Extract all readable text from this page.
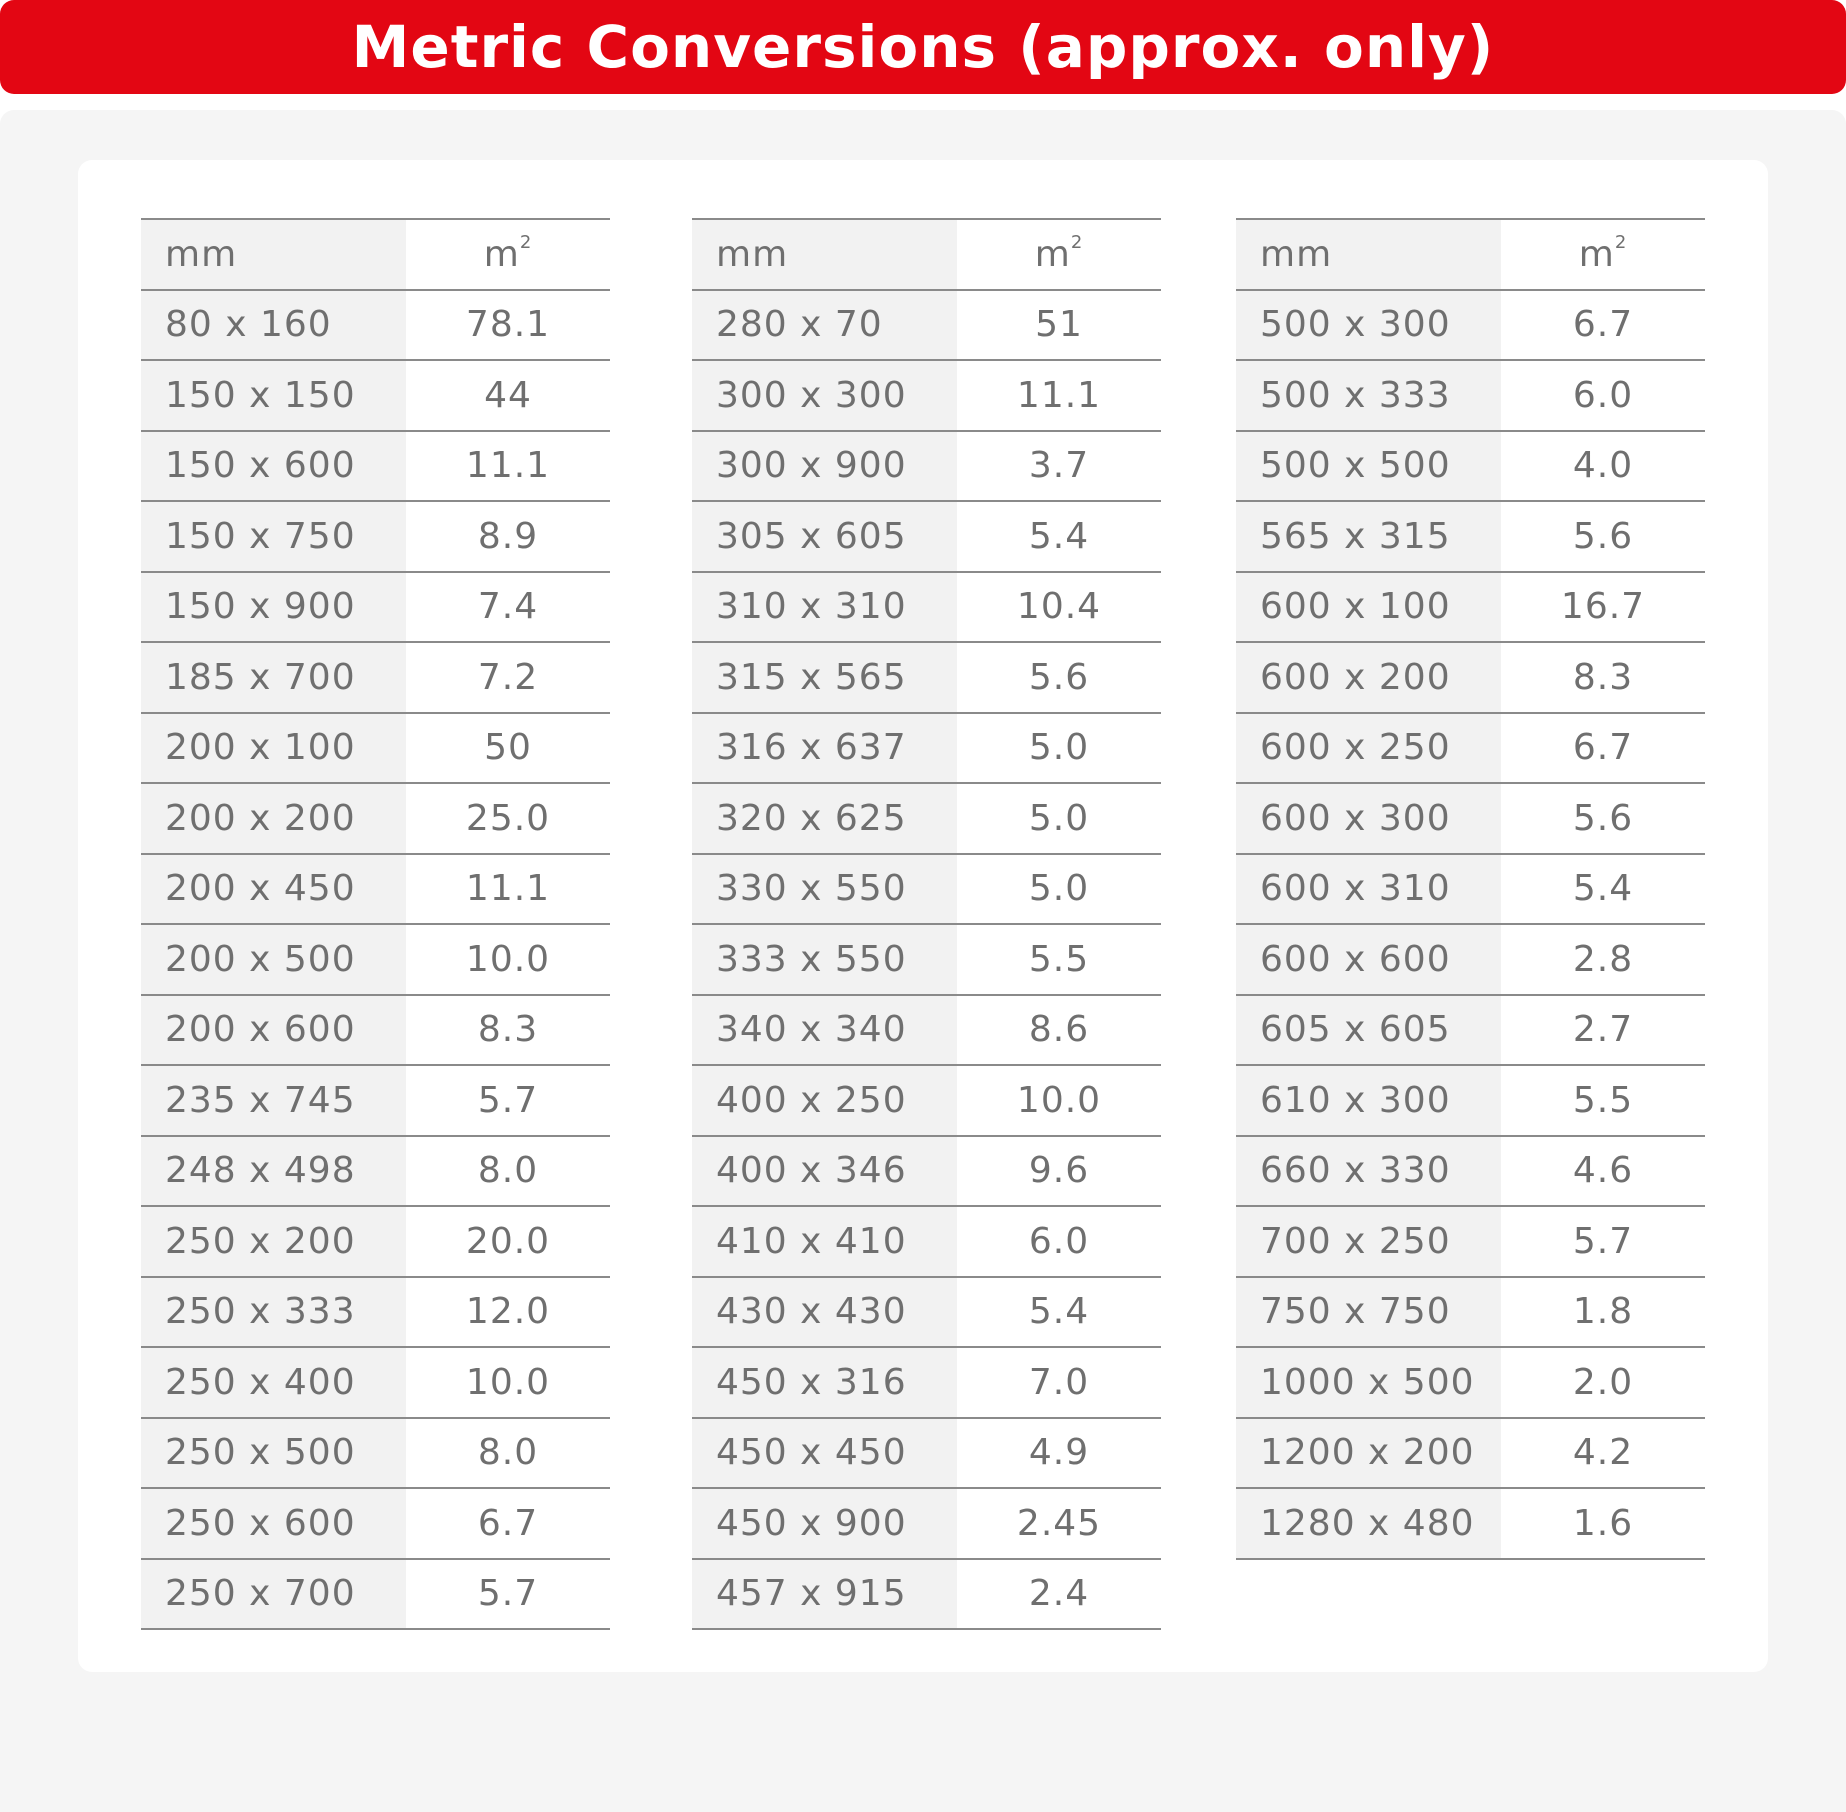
Metric Conversions (approx. only)
mm	$m^2$
80 x 160	78.1
150 x 150	44
150 x 600	11.1
150 x 750	8.9
150 x 900	7.4
185 x 700	7.2
200 x 100	50
200 x 200	25.0
200 x 450	11.1
200 x 500	10.0
200 x 600	8.3
235 x 745	5.7
248 x 498	8.0
250 x 200	20.0
250 x 333	12.0
250 x 400	10.0
250 x 500	8.0
250 x 600	6.7
250 x 700	5.7
mm	$m^2$
280 x 70	51
300 x 300	11.1
300 x 900	3.7
305 x 605	5.4
310 x 310	10.4
315 x 565	5.6
316 x 637	5.0
320 x 625	5.0
330 x 550	5.0
333 x 550	5.5
340 x 340	8.6
400 x 250	10.0
400 x 346	9.6
410 x 410	6.0
430 x 430	5.4
450 x 316	7.0
450 x 450	4.9
450 x 900	2.45
457 x 915	2.4
mm	$m^2$
500 x 300	6.7
500 x 333	6.0
500 x 500	4.0
565 x 315	5.6
600 x 100	16.7
600 x 200	8.3
600 x 250	6.7
600 x 300	5.6
600 x 310	5.4
600 x 600	2.8
605 x 605	2.7
610 x 300	5.5
660 x 330	4.6
700 x 250	5.7
750 x 750	1.8
1000 x 500	2.0
1200 x 200	4.2
1280 x 480	1.6
